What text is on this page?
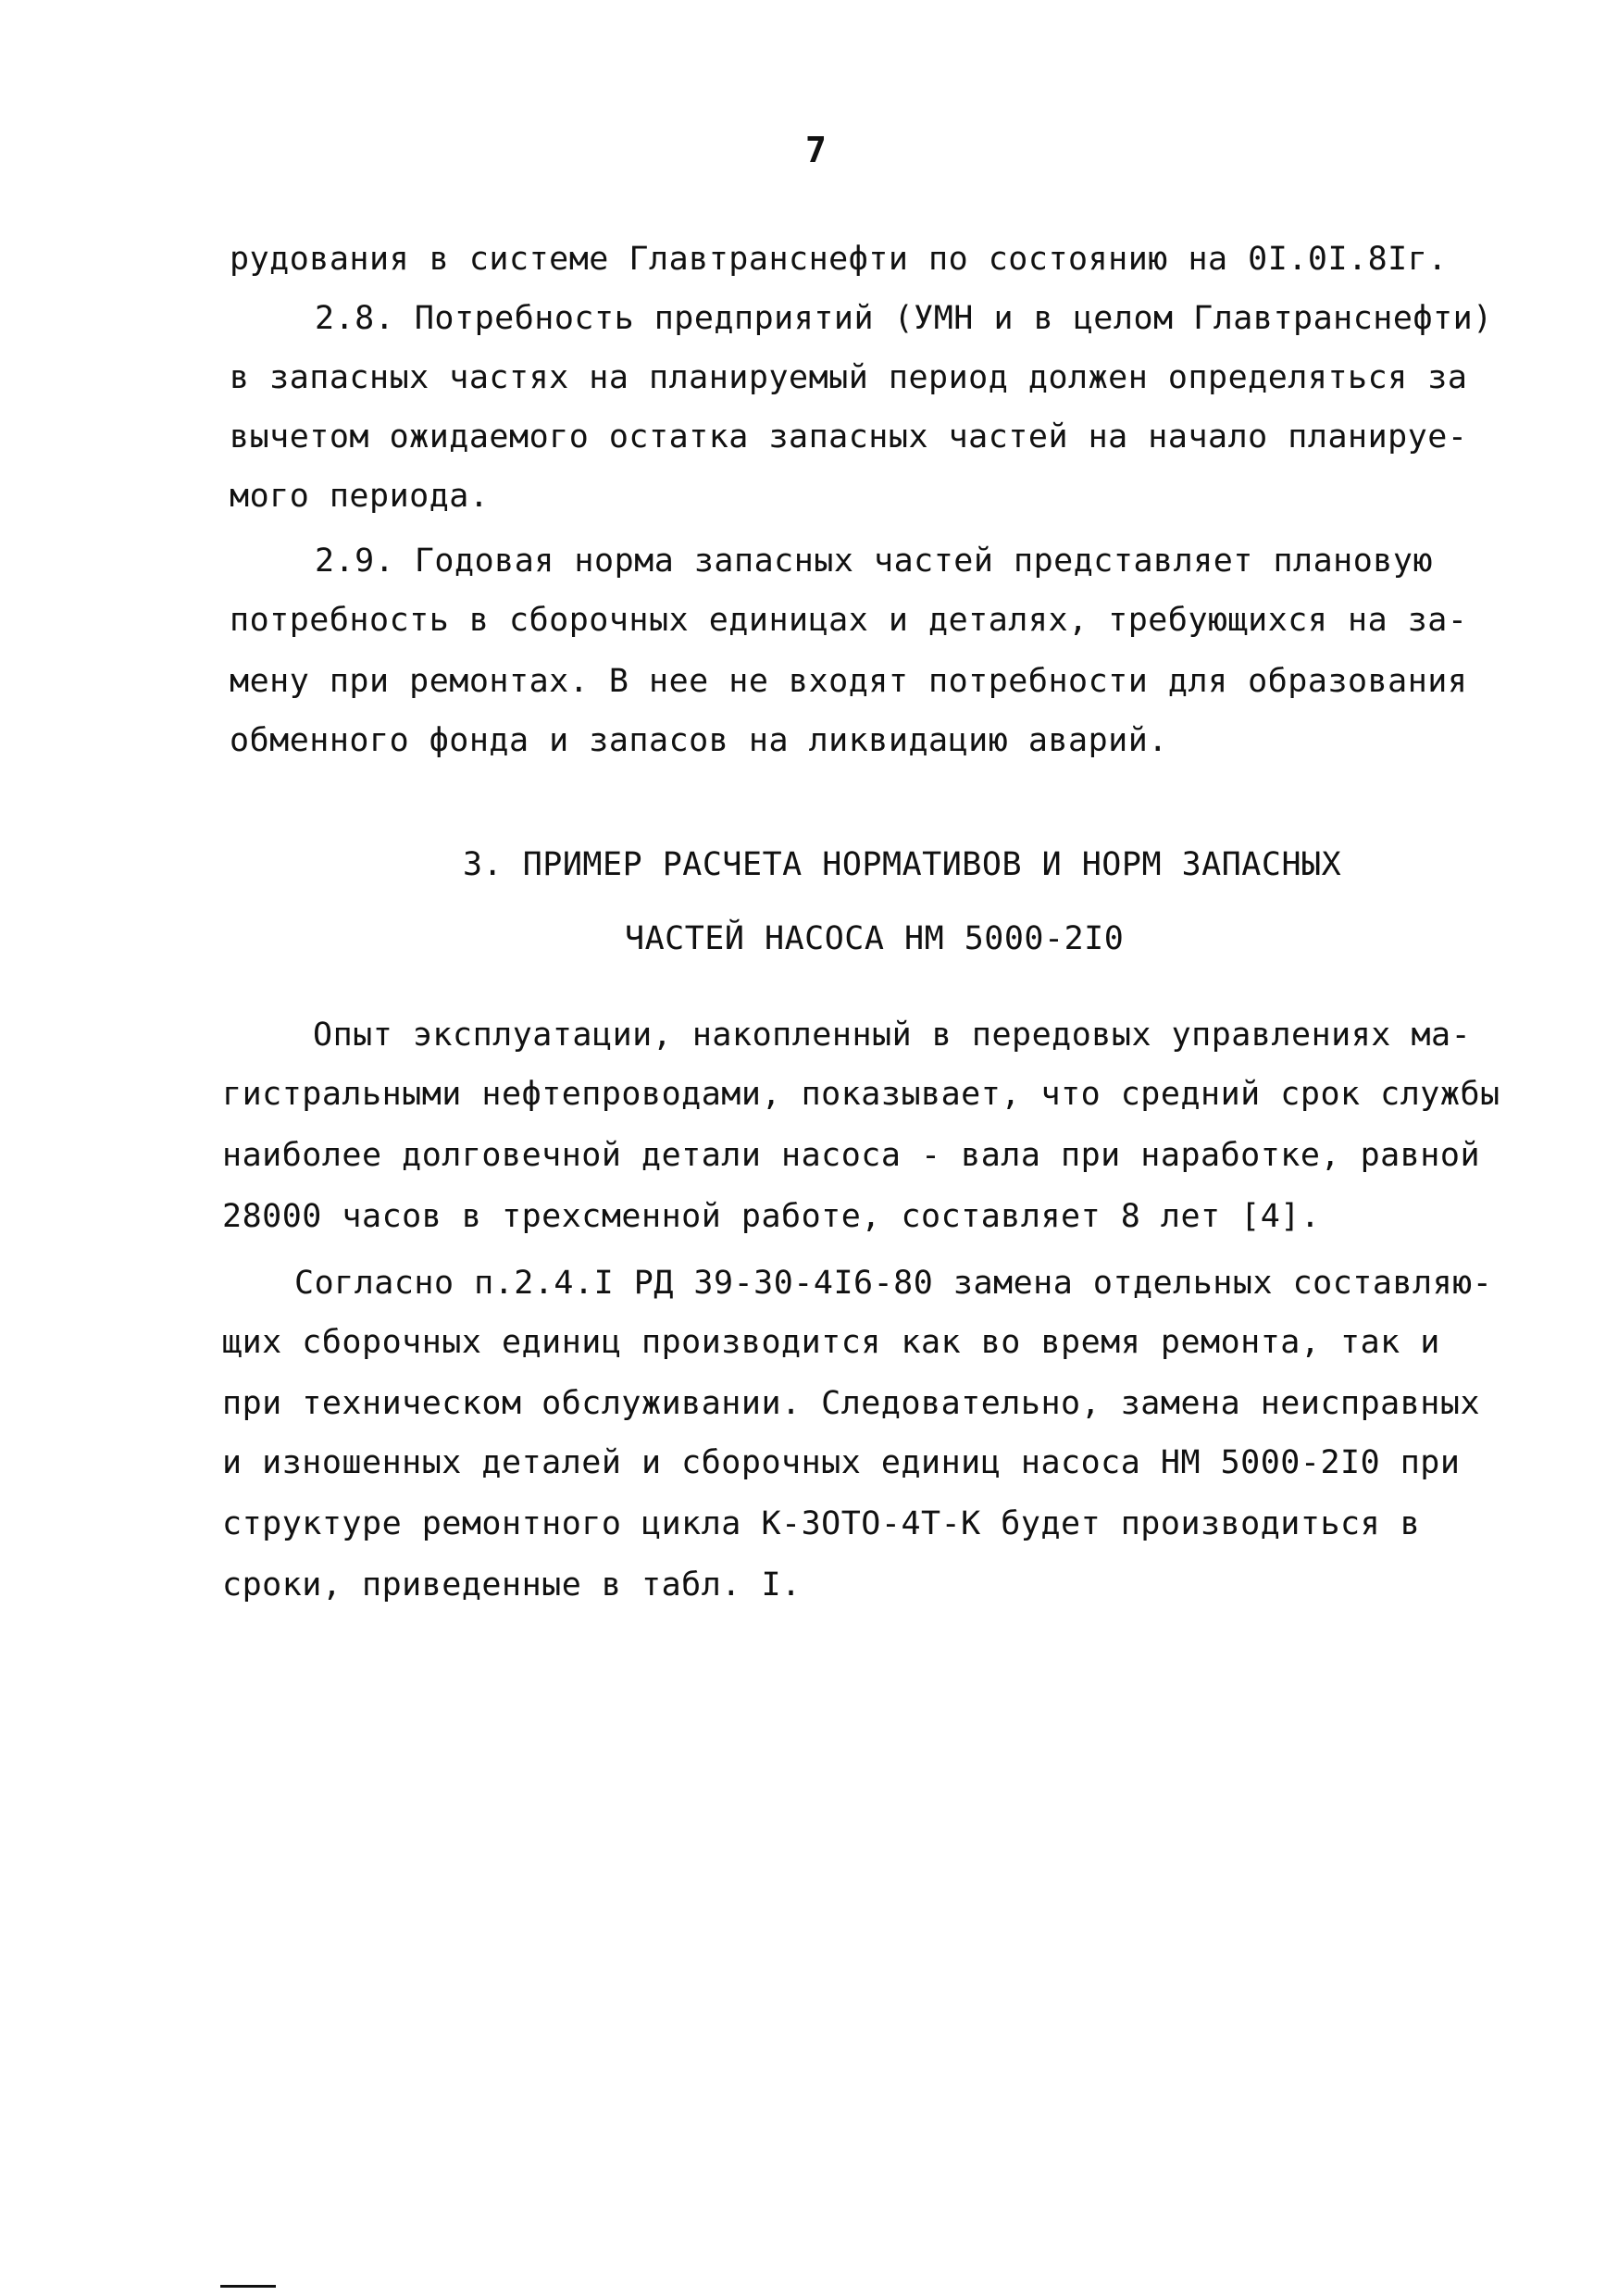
7
рудования в системе Главтранснефти по состоянию на 0I.0I.8Iг.
2.8. Потребность предприятий (УМН и в целом Главтранснефти)
в запасных частях на планируемый период должен определяться за
вычетом ожидаемого остатка запасных частей на начало планируе-
мого периода.
2.9. Годовая норма запасных частей представляет плановую
потребность в сборочных единицах и деталях, требующихся на за-
мену при ремонтах. В нее не входят потребности для образования
обменного фонда и запасов на ликвидацию аварий.
3. ПРИМЕР РАСЧЕТА НОРМАТИВОВ И НОРМ ЗАПАСНЫХ
ЧАСТЕЙ НАСОСА НМ 5000-2I0
Опыт эксплуатации, накопленный в передовых управлениях ма-
гистральными нефтепроводами, показывает, что средний срок службы
наиболее долговечной детали насоса - вала при наработке, равной
28000 часов в трехсменной работе, составляет 8 лет [4].
Согласно п.2.4.I РД 39-30-4I6-80 замена отдельных составляю-
щих сборочных единиц производится как во время ремонта, так и
при техническом обслуживании. Следовательно, замена неисправных
и изношенных деталей и сборочных единиц насоса НМ 5000-2I0 при
структуре ремонтного цикла К-3ОТО-4Т-К будет производиться в
сроки, приведенные в табл. I.
